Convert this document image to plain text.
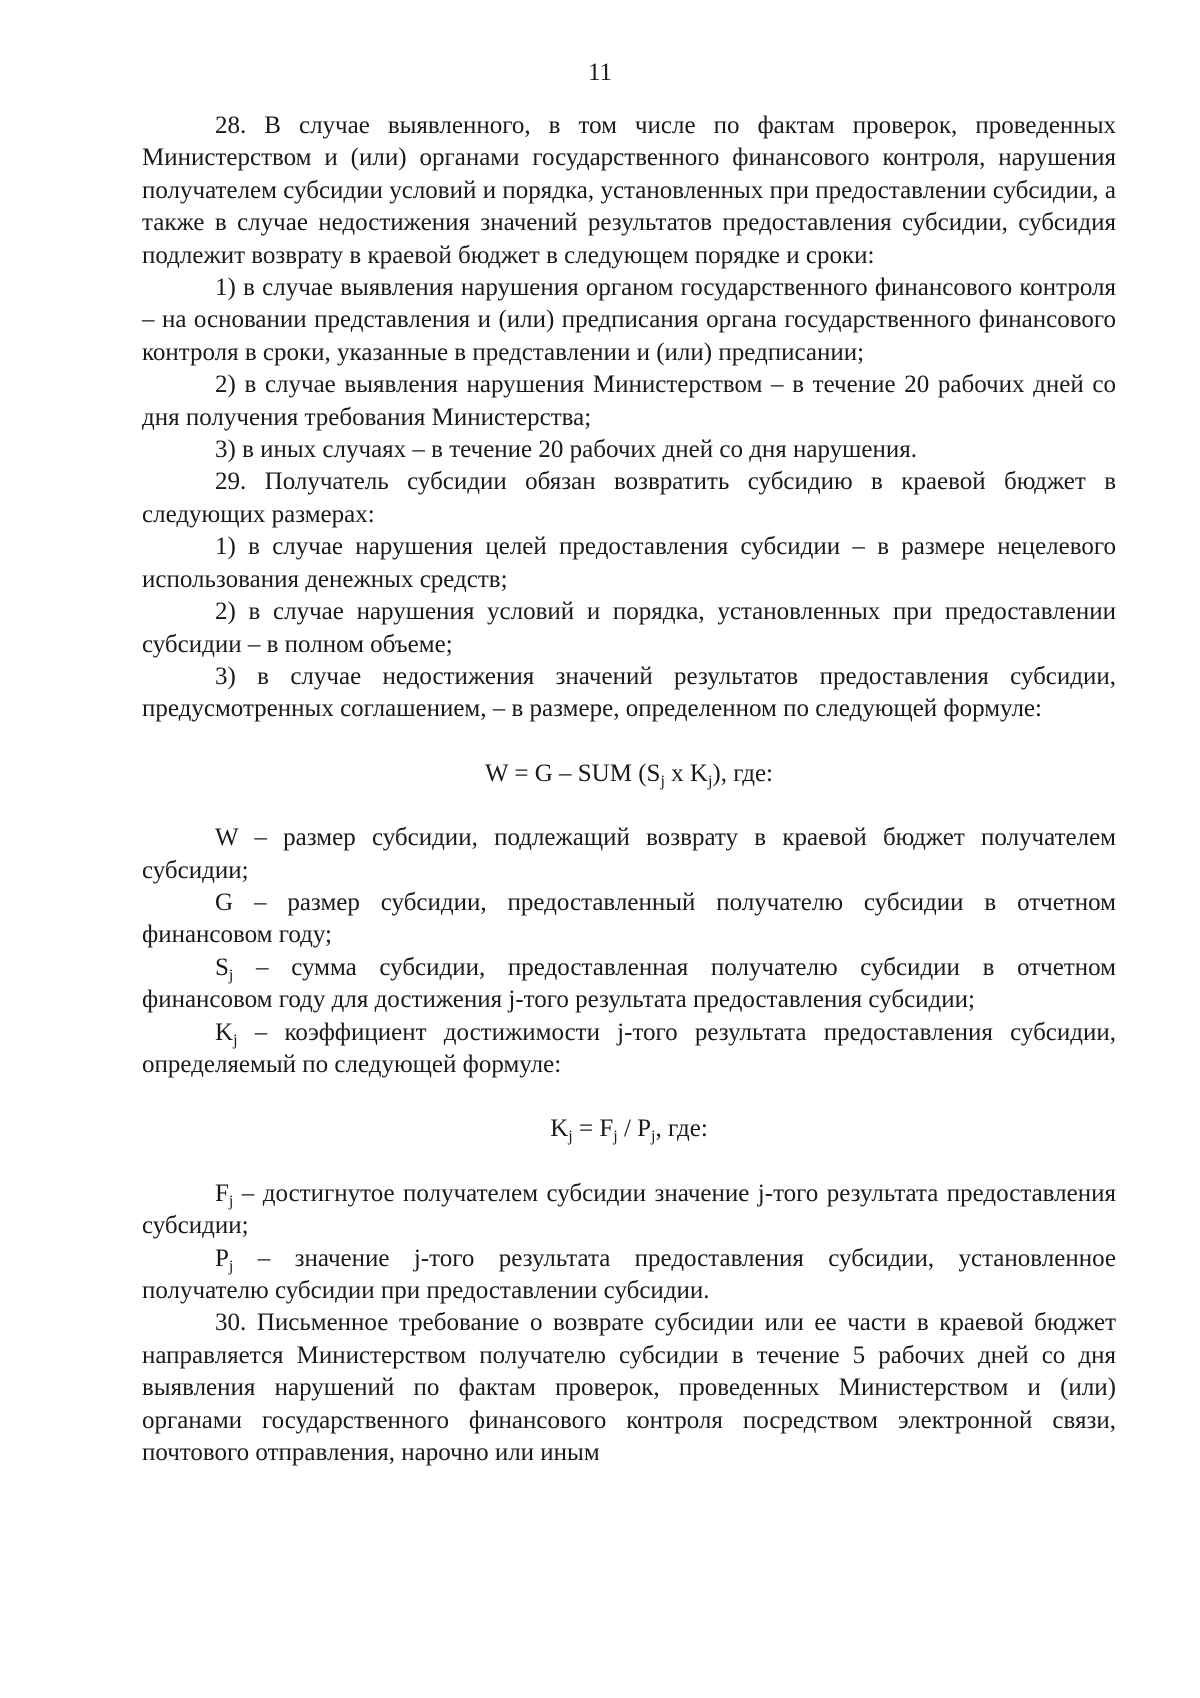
11

28. В случае выявленного, в том числе по фактам проверок, проведенных Министерством и (или) органами государственного финансового контроля, нарушения получателем субсидии условий и порядка, установленных при предоставлении субсидии, а также в случае недостижения значений результатов предоставления субсидии, субсидия подлежит возврату в краевой бюджет в следующем порядке и сроки:

1) в случае выявления нарушения органом государственного финансового контроля – на основании представления и (или) предписания органа государственного финансового контроля в сроки, указанные в представлении и (или) предписании;

2) в случае выявления нарушения Министерством – в течение 20 рабочих дней со дня получения требования Министерства;

3) в иных случаях – в течение 20 рабочих дней со дня нарушения.

29. Получатель субсидии обязан возвратить субсидию в краевой бюджет в следующих размерах:

1) в случае нарушения целей предоставления субсидии – в размере нецелевого использования денежных средств;

2) в случае нарушения условий и порядка, установленных при предоставлении субсидии – в полном объеме;

3) в случае недостижения значений результатов предоставления субсидии, предусмотренных соглашением, – в размере, определенном по следующей формуле:

W = G – SUM ($S_j$ x $K_j$), где:

W – размер субсидии, подлежащий возврату в краевой бюджет получателем субсидии;

G – размер субсидии, предоставленный получателю субсидии в отчетном финансовом году;

$S_j$ – сумма субсидии, предоставленная получателю субсидии в отчетном финансовом году для достижения j-того результата предоставления субсидии;

$K_j$ – коэффициент достижимости j-того результата предоставления субсидии, определяемый по следующей формуле:

$K_j = F_j / P_j$, где:

$F_j$ – достигнутое получателем субсидии значение j-того результата предоставления субсидии;

$P_j$ – значение j-того результата предоставления субсидии, установленное получателю субсидии при предоставлении субсидии.

30. Письменное требование о возврате субсидии или ее части в краевой бюджет направляется Министерством получателю субсидии в течение 5 рабочих дней со дня выявления нарушений по фактам проверок, проведенных Министерством и (или) органами государственного финансового контроля посредством электронной связи, почтового отправления, нарочно или иным
